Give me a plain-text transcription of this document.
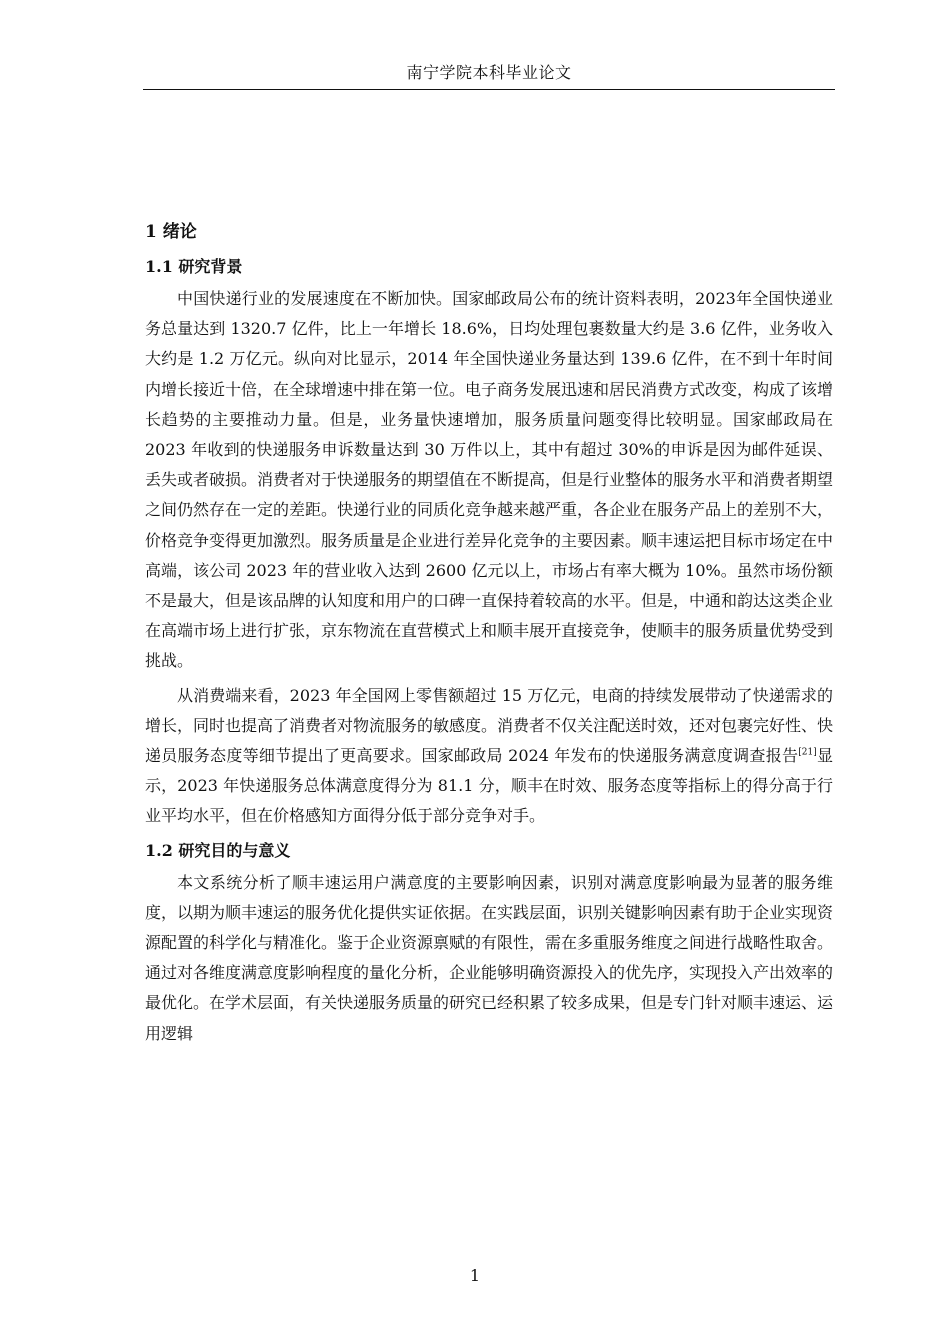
南宁学院本科毕业论文
1 绪论
1.1 研究背景

中国快递行业的发展速度在不断加快。国家邮政局公布的统计资料表明，2023年全国快递业务总量达到 1320.7 亿件，比上一年增长 18.6%，日均处理包裹数量大约是 3.6 亿件，业务收入大约是 1.2 万亿元。纵向对比显示，2014 年全国快递业务量达到 139.6 亿件，在不到十年时间内增长接近十倍，在全球增速中排在第一位。电子商务发展迅速和居民消费方式改变，构成了该增长趋势的主要推动力量。但是，业务量快速增加，服务质量问题变得比较明显。国家邮政局在 2023 年收到的快递服务申诉数量达到 30 万件以上，其中有超过 30%的申诉是因为邮件延误、丢失或者破损。消费者对于快递服务的期望值在不断提高，但是行业整体的服务水平和消费者期望之间仍然存在一定的差距。快递行业的同质化竞争越来越严重，各企业在服务产品上的差别不大，价格竞争变得更加激烈。服务质量是企业进行差异化竞争的主要因素。顺丰速运把目标市场定在中高端，该公司 2023 年的营业收入达到 2600 亿元以上，市场占有率大概为 10%。虽然市场份额不是最大，但是该品牌的认知度和用户的口碑一直保持着较高的水平。但是，中通和韵达这类企业在高端市场上进行扩张，京东物流在直营模式上和顺丰展开直接竞争，使顺丰的服务质量优势受到挑战。

从消费端来看，2023 年全国网上零售额超过 15 万亿元，电商的持续发展带动了快递需求的增长，同时也提高了消费者对物流服务的敏感度。消费者不仅关注配送时效，还对包裹完好性、快递员服务态度等细节提出了更高要求。国家邮政局 2024 年发布的快递服务满意度调查报告[21]显示，2023 年快递服务总体满意度得分为 81.1 分，顺丰在时效、服务态度等指标上的得分高于行业平均水平，但在价格感知方面得分低于部分竞争对手。

1.2 研究目的与意义

本文系统分析了顺丰速运用户满意度的主要影响因素，识别对满意度影响最为显著的服务维度，以期为顺丰速运的服务优化提供实证依据。在实践层面，识别关键影响因素有助于企业实现资源配置的科学化与精准化。鉴于企业资源禀赋的有限性，需在多重服务维度之间进行战略性取舍。通过对各维度满意度影响程度的量化分析，企业能够明确资源投入的优先序，实现投入产出效率的最优化。在学术层面，有关快递服务质量的研究已经积累了较多成果，但是专门针对顺丰速运、运用逻辑

1
